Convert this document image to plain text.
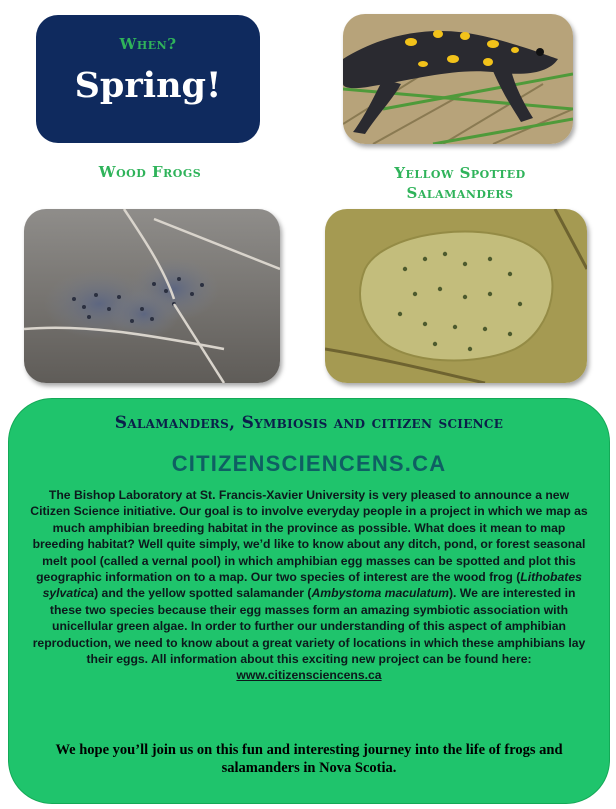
When?
Spring!
Wood Frogs	Yellow Spotted Salamanders
Salamanders, Symbiosis and citizen science
CITIZENSCIENCENS.CA
The Bishop Laboratory at St. Francis-Xavier University is very pleased to announce a new Citizen Science initiative. Our goal is to involve everyday people in a project in which we map as much amphibian breeding habitat in the province as possible. What does it mean to map breeding habitat? Well quite simply, we’d like to know about any ditch, pond, or forest seasonal melt pool (called a vernal pool) in which amphibian egg masses can be spotted and plot this geographic information on to a map. Our two species of interest are the wood frog (Lithobates sylvatica) and the yellow spotted salamander (Ambystoma maculatum). We are interested in these two species because their egg masses form an amazing symbiotic association with unicellular green algae. In order to further our understanding of this aspect of amphibian reproduction, we need to know about a great variety of locations in which these amphibians lay their eggs. All information about this exciting new project can be found here:
www.citizensciencens.ca
We hope you’ll join us on this fun and interesting journey into the life of frogs and salamanders in Nova Scotia.
